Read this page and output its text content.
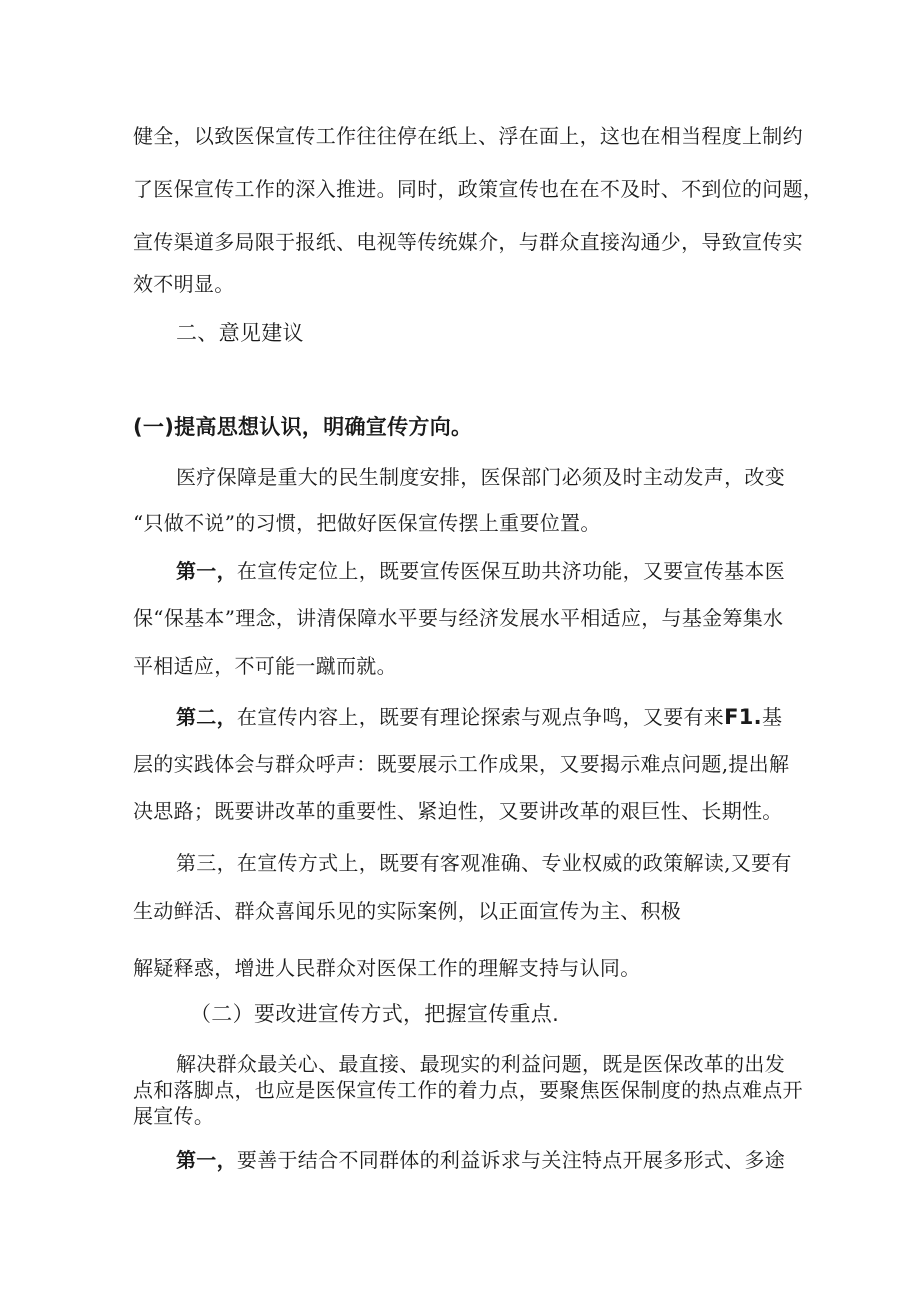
健全，以致医保宣传工作往往停在纸上、浮在面上，这也在相当程度上制约
了医保宣传工作的深入推进。同时，政策宣传也在在不及时、不到位的问题，
宣传渠道多局限于报纸、电视等传统媒介，与群众直接沟通少，导致宣传实
效不明显。
二、意见建议
(一)提高思想认识，明确宣传方向。
医疗保障是重大的民生制度安排，医保部门必须及时主动发声，改变
“只做不说”的习惯，把做好医保宣传摆上重要位置。
第一，在宣传定位上，既要宣传医保互助共济功能，又要宣传基本医
保“保基本”理念，讲清保障水平要与经济发展水平相适应，与基金筹集水
平相适应，不可能一蹴而就。
第二，在宣传内容上，既要有理论探索与观点争鸣，又要有来F1.基
层的实践体会与群众呼声：既要展示工作成果，又要揭示难点问题,提出解
决思路；既要讲改革的重要性、紧迫性，又要讲改革的艰巨性、长期性。
第三，在宣传方式上，既要有客观准确、专业权威的政策解读,又要有
生动鲜活、群众喜闻乐见的实际案例，以正面宣传为主、积极
解疑释惑，增进人民群众对医保工作的理解支持与认同。
（二）要改进宣传方式，把握宣传重点.
解决群众最关心、最直接、最现实的利益问题，既是医保改革的出发
点和落脚点，也应是医保宣传工作的着力点，要聚焦医保制度的热点难点开
展宣传。
第一，要善于结合不同群体的利益诉求与关注特点开展多形式、多途
